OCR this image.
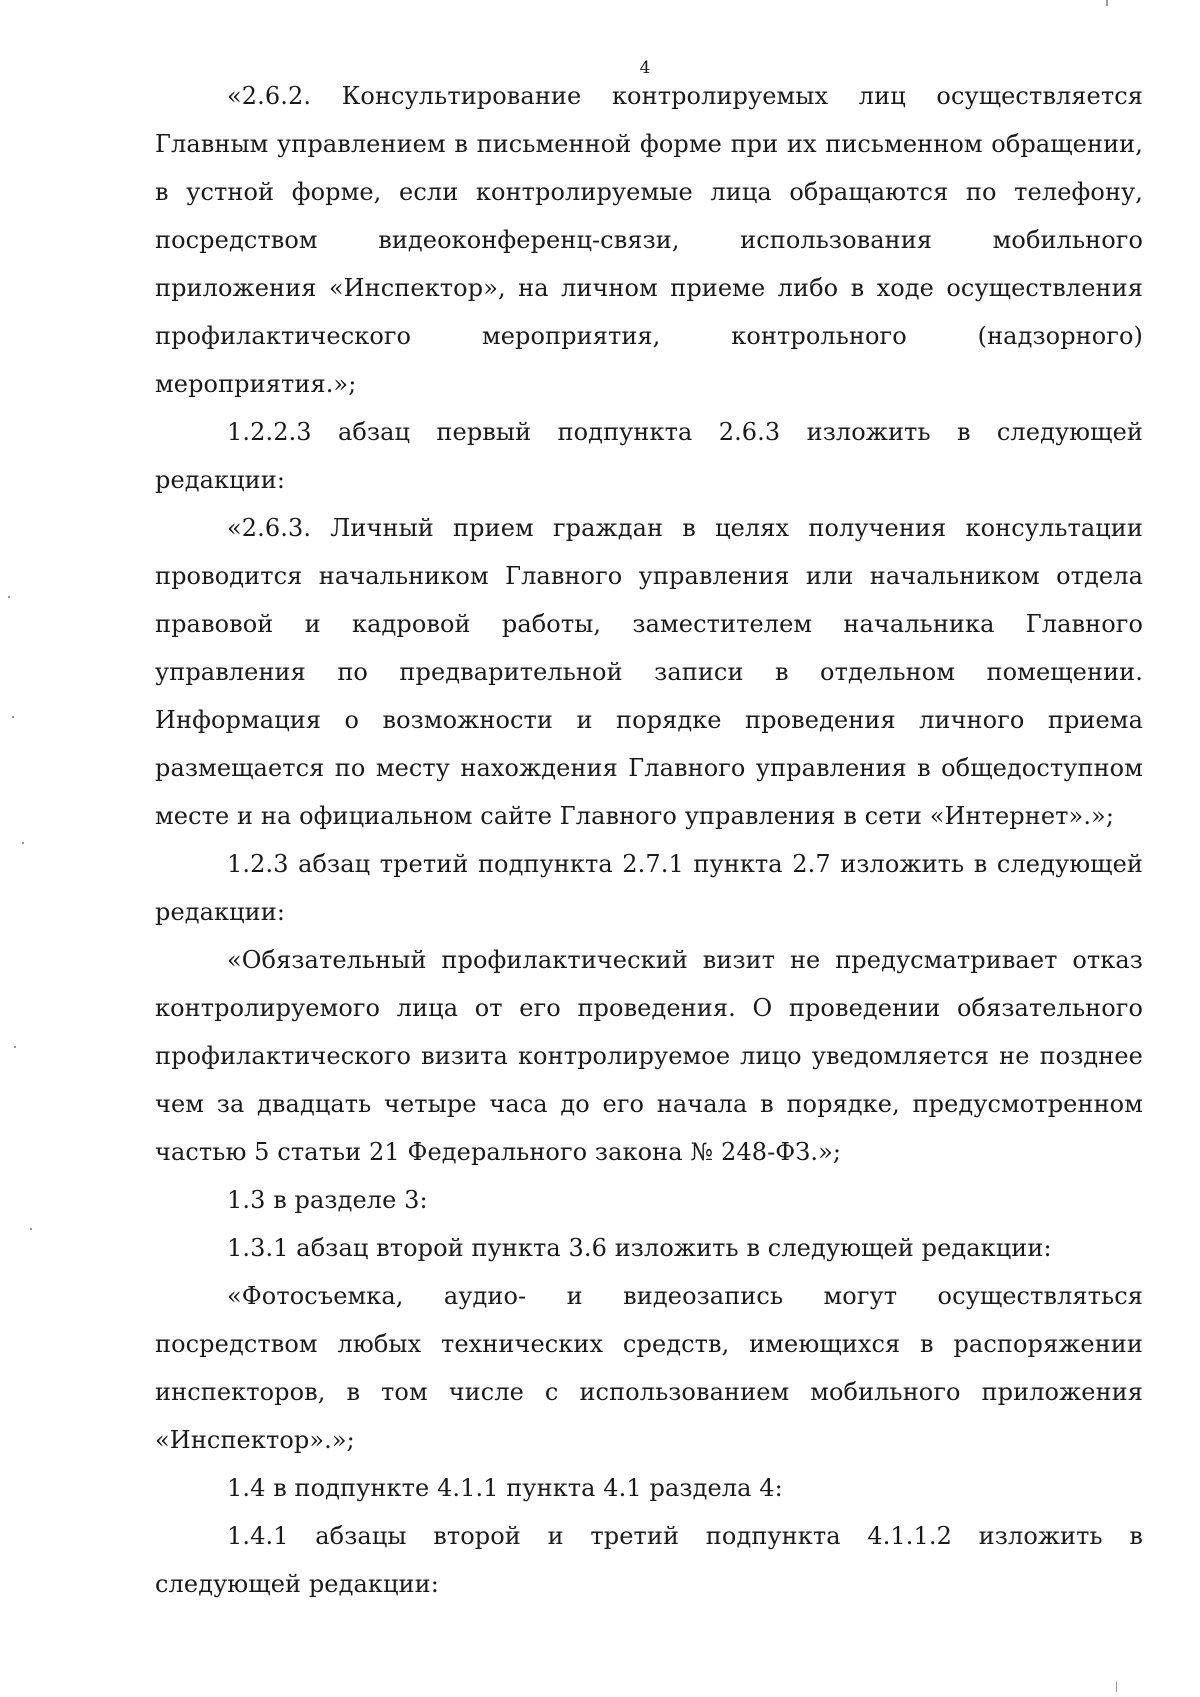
4

«2.6.2. Консультирование контролируемых лиц осуществляется Главным управлением в письменной форме при их письменном обращении, в устной форме, если контролируемые лица обращаются по телефону, посредством видеоконференц-связи, использования мобильного приложения «Инспектор», на личном приеме либо в ходе осуществления профилактического мероприятия, контрольного (надзорного) мероприятия.»;

1.2.2.3 абзац первый подпункта 2.6.3 изложить в следующей редакции:

«2.6.3. Личный прием граждан в целях получения консультации проводится начальником Главного управления или начальником отдела правовой и кадровой работы, заместителем начальника Главного управления по предварительной записи в отдельном помещении. Информация о возможности и порядке проведения личного приема размещается по месту нахождения Главного управления в общедоступном месте и на официальном сайте Главного управления в сети «Интернет».»;

1.2.3 абзац третий подпункта 2.7.1 пункта 2.7 изложить в следующей редакции:

«Обязательный профилактический визит не предусматривает отказ контролируемого лица от его проведения. О проведении обязательного профилактического визита контролируемое лицо уведомляется не позднее чем за двадцать четыре часа до его начала в порядке, предусмотренном частью 5 статьи 21 Федерального закона № 248-ФЗ.»;

1.3 в разделе 3:

1.3.1 абзац второй пункта 3.6 изложить в следующей редакции:

«Фотосъемка, аудио- и видеозапись могут осуществляться посредством любых технических средств, имеющихся в распоряжении инспекторов, в том числе с использованием мобильного приложения «Инспектор».»;

1.4 в подпункте 4.1.1 пункта 4.1 раздела 4:

1.4.1 абзацы второй и третий подпункта 4.1.1.2 изложить в следующей редакции:
